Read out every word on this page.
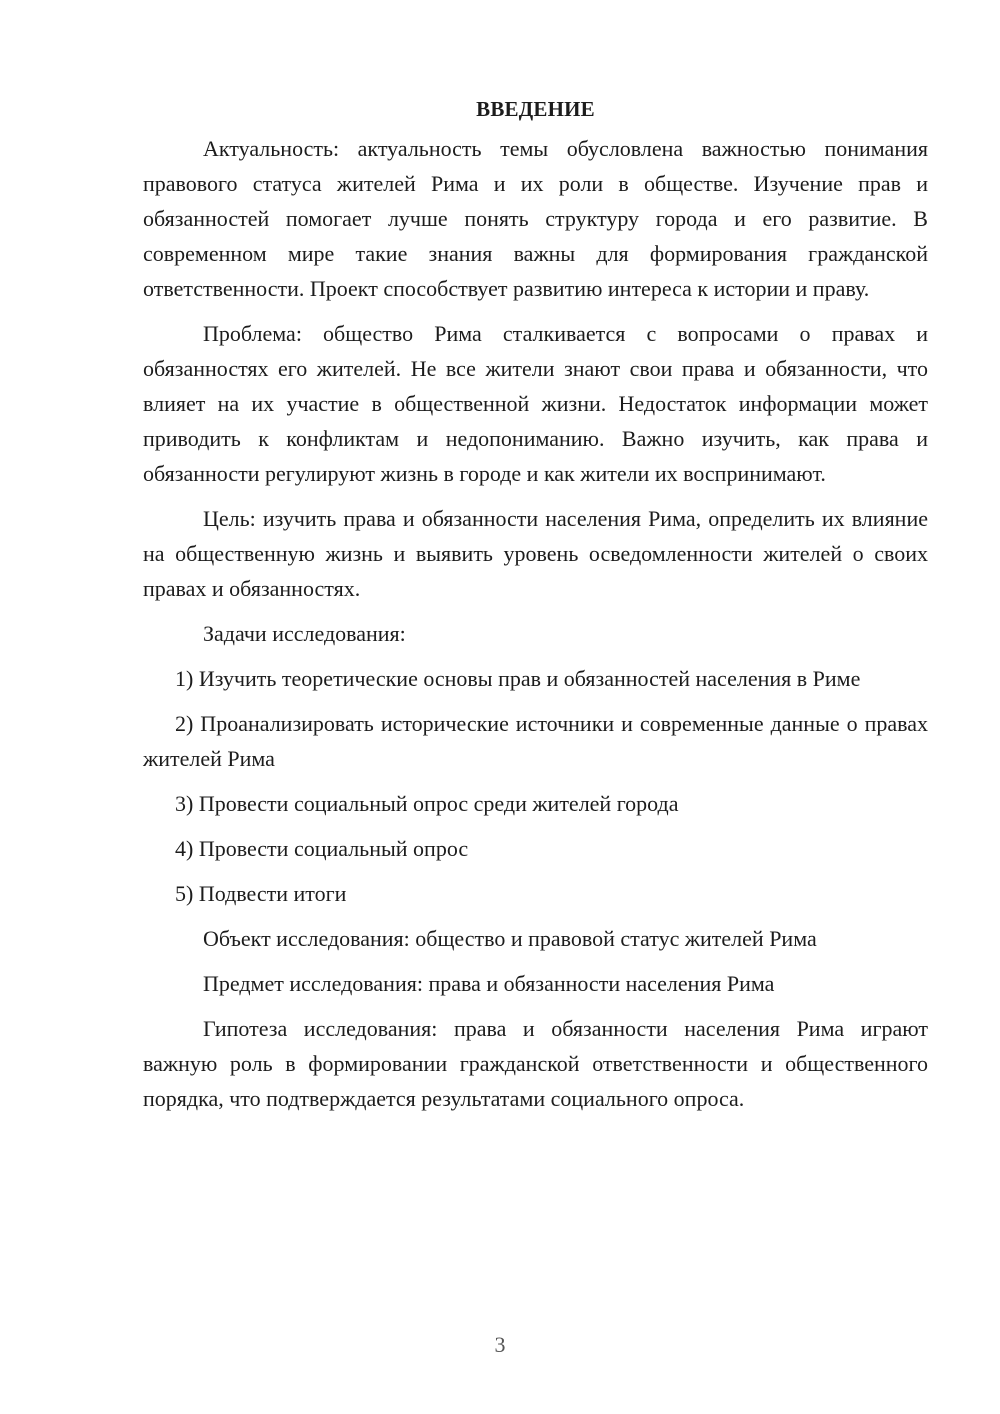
ВВЕДЕНИЕ

Актуальность: актуальность темы обусловлена важностью понимания правового статуса жителей Рима и их роли в обществе. Изучение прав и обязанностей помогает лучше понять структуру города и его развитие. В современном мире такие знания важны для формирования гражданской ответственности. Проект способствует развитию интереса к истории и праву.

Проблема: общество Рима сталкивается с вопросами о правах и обязанностях его жителей. Не все жители знают свои права и обязанности, что влияет на их участие в общественной жизни. Недостаток информации может приводить к конфликтам и недопониманию. Важно изучить, как права и обязанности регулируют жизнь в городе и как жители их воспринимают.

Цель: изучить права и обязанности населения Рима, определить их влияние на общественную жизнь и выявить уровень осведомленности жителей о своих правах и обязанностях.

Задачи исследования:

1) Изучить теоретические основы прав и обязанностей населения в Риме

2) Проанализировать исторические источники и современные данные о правах жителей Рима

3) Провести социальный опрос среди жителей города

4) Провести социальный опрос

5) Подвести итоги

Объект исследования: общество и правовой статус жителей Рима

Предмет исследования: права и обязанности населения Рима

Гипотеза исследования: права и обязанности населения Рима играют важную роль в формировании гражданской ответственности и общественного порядка, что подтверждается результатами социального опроса.

3
